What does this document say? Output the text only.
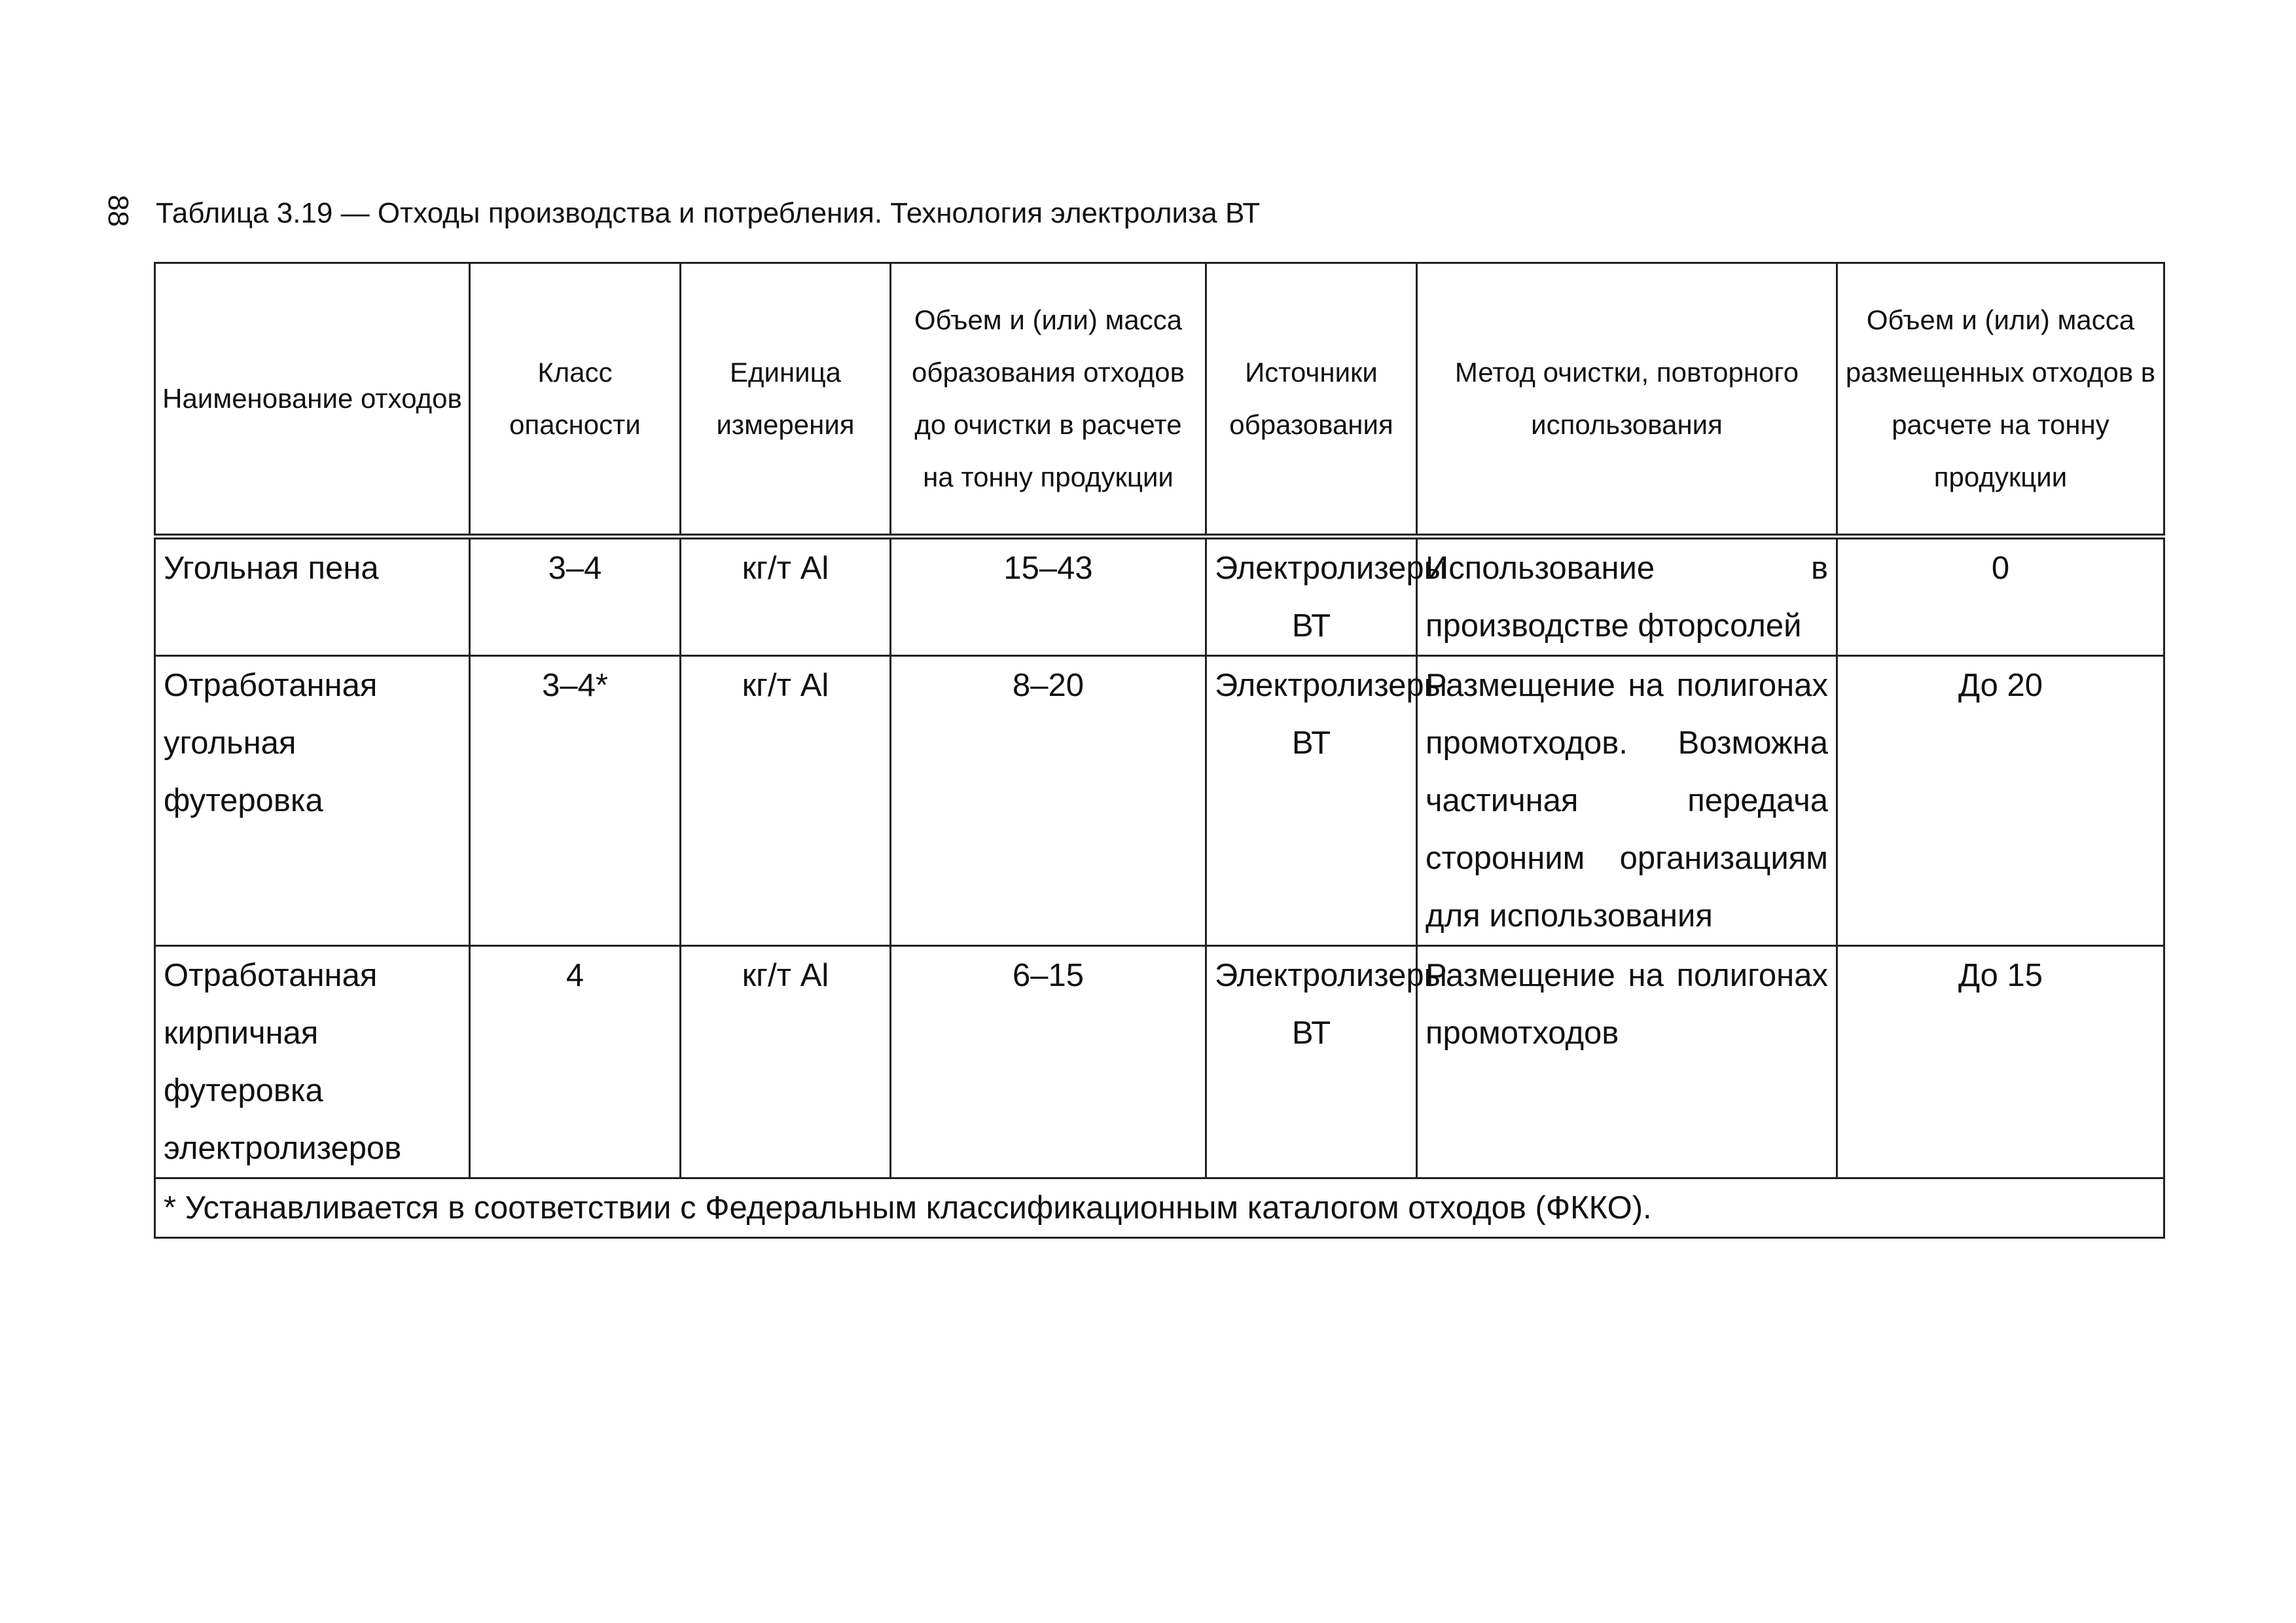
88 Таблица 3.19 — Отходы производства и потребления. Технология электролиза ВТ
Наименование отходов	Класс опасности	Единица измерения	Объем и (или) масса образования отходов до очистки в расчете на тонну продукции	Источники образования	Метод очистки, повторного использования	Объем и (или) масса размещенных отходов в расчете на тонну продукции
Угольная пена	3–4	кг/т Al	15–43	Электролизеры ВТ	Использование в производстве фторсолей	0
Отработанная угольная футеровка	3–4*	кг/т Al	8–20	Электролизеры ВТ	Размещение на полигонах промотходов. Возможна частичная передача сторонним организациям для использования	До 20
Отработанная кирпичная футеровка электролизеров	4	кг/т Al	6–15	Электролизеры ВТ	Размещение на полигонах промотходов	До 15
* Устанавливается в соответствии с Федеральным классификационным каталогом отходов (ФККО).						
